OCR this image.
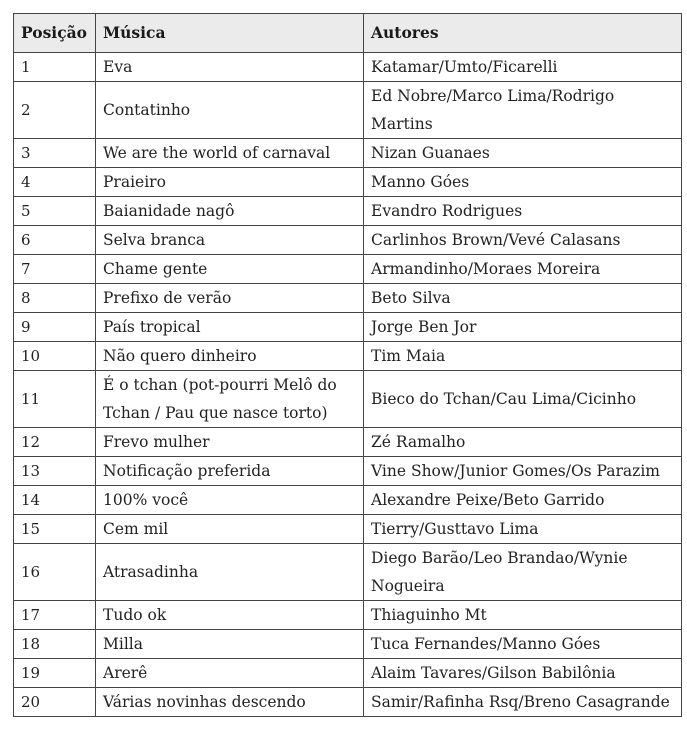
Posição	Música	Autores
1	Eva	Katamar/Umto/Ficarelli
2	Contatinho	Ed Nobre/Marco Lima/Rodrigo Martins
3	We are the world of carnaval	Nizan Guanaes
4	Praieiro	Manno Góes
5	Baianidade nagô	Evandro Rodrigues
6	Selva branca	Carlinhos Brown/Vevé Calasans
7	Chame gente	Armandinho/Moraes Moreira
8	Prefixo de verão	Beto Silva
9	País tropical	Jorge Ben Jor
10	Não quero dinheiro	Tim Maia
11	É o tchan (pot-pourri Melô do Tchan / Pau que nasce torto)	Bieco do Tchan/Cau Lima/Cicinho
12	Frevo mulher	Zé Ramalho
13	Notificação preferida	Vine Show/Junior Gomes/Os Parazim
14	100% você	Alexandre Peixe/Beto Garrido
15	Cem mil	Tierry/Gusttavo Lima
16	Atrasadinha	Diego Barão/Leo Brandao/Wynie Nogueira
17	Tudo ok	Thiaguinho Mt
18	Milla	Tuca Fernandes/Manno Góes
19	Arerê	Alaim Tavares/Gilson Babilônia
20	Várias novinhas descendo	Samir/Rafinha Rsq/Breno Casagrande
